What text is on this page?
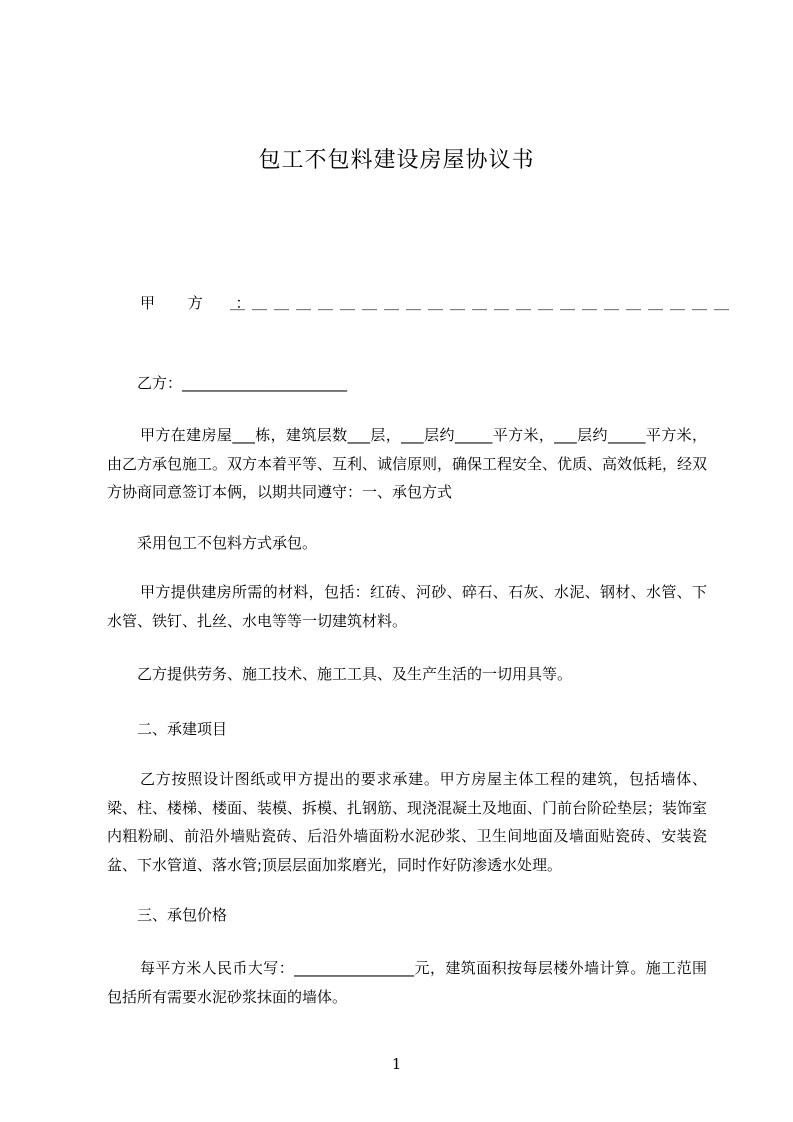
包工不包料建设房屋协议书
甲 方 ：
＿＿＿＿＿＿＿＿＿＿＿＿＿＿＿＿＿＿＿＿＿＿＿
乙方：______________________
甲方在建房屋___栋，建筑层数___层，___层约_____平方米，___层约_____平方米，由乙方承包施工。双方本着平等、互利、诚信原则，确保工程安全、优质、高效低耗，经双方协商同意签订本俩，以期共同遵守：一、承包方式
采用包工不包料方式承包。
甲方提供建房所需的材料，包括：红砖、河砂、碎石、石灰、水泥、钢材、水管、下水管、铁钉、扎丝、水电等等一切建筑材料。
乙方提供劳务、施工技术、施工工具、及生产生活的一切用具等。
二、承建项目
乙方按照设计图纸或甲方提出的要求承建。甲方房屋主体工程的建筑，包括墙体、梁、柱、楼梯、楼面、装模、拆模、扎钢筋、现浇混凝土及地面、门前台阶砼垫层；装饰室内粗粉刷、前沿外墙贴瓷砖、后沿外墙面粉水泥砂浆、卫生间地面及墙面贴瓷砖、安装瓷盆、下水管道、落水管;顶层层面加浆磨光，同时作好防渗透水处理。
三、承包价格
每平方米人民币大写：________________元，建筑面积按每层楼外墙计算。施工范围包括所有需要水泥砂浆抹面的墙体。
1
